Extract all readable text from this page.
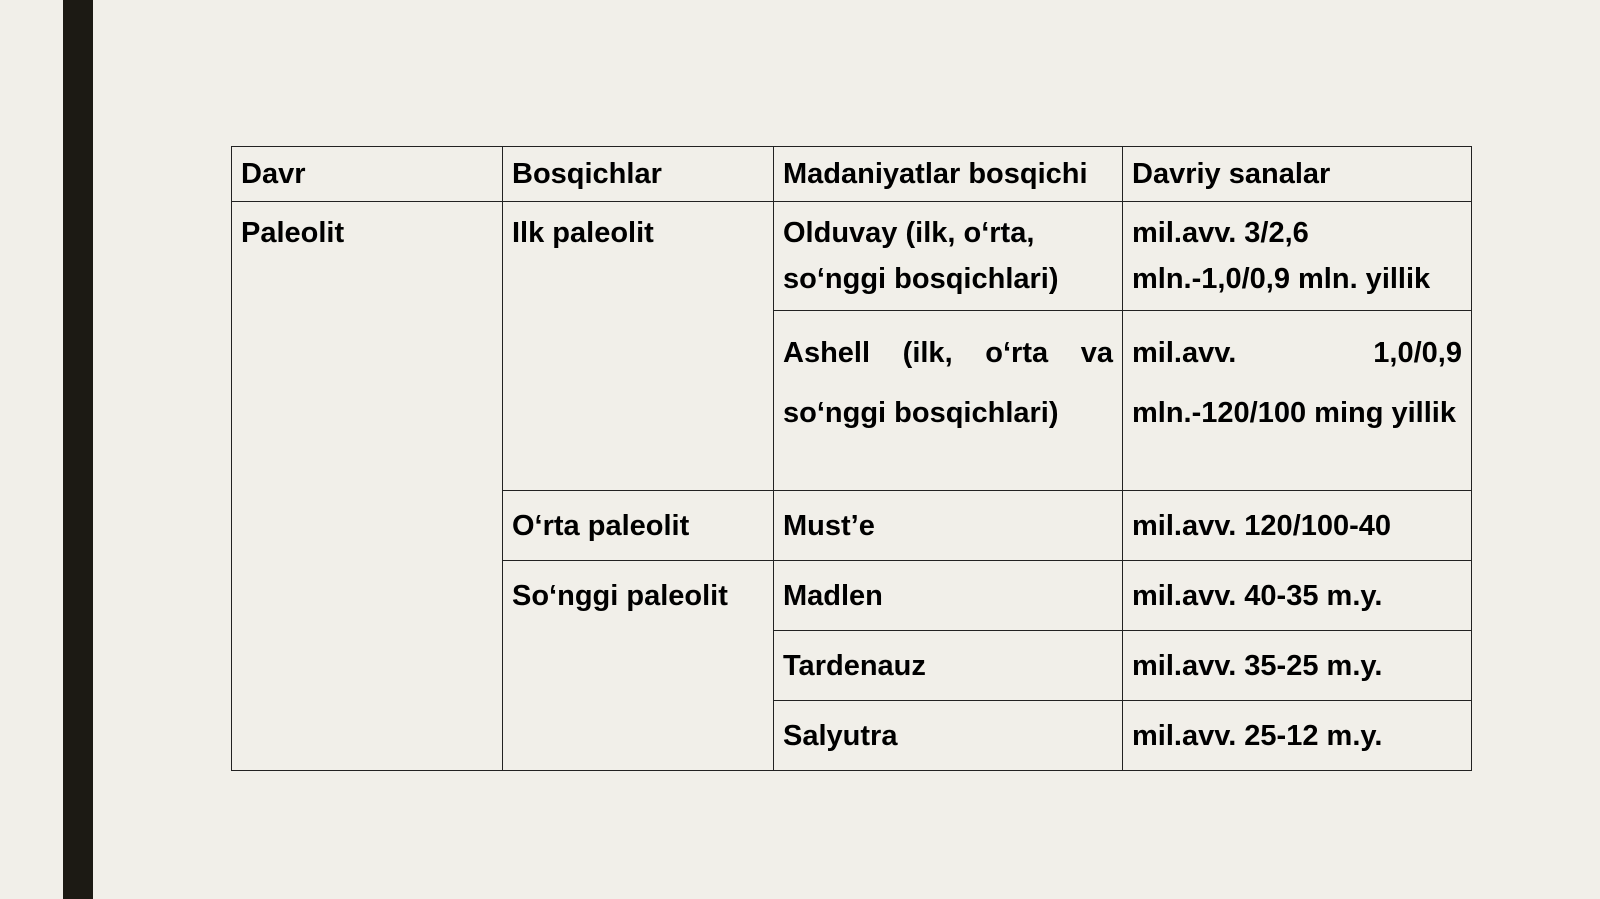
Davr	Bosqichlar	Madaniyatlar bosqichi	Davriy sanalar
Paleolit	Ilk paleolit	Olduvay (ilk, o‘rta, so‘nggi bosqichlari)	mil.avv. 3/2,6 mln.-1,0/0,9 mln. yillik
		Ashell (ilk, o‘rta va so‘nggi bosqichlari)	mil.avv. 1,0/0,9 mln.-120/100 ming yillik
	O‘rta paleolit	Must’e	mil.avv. 120/100-40
	So‘nggi paleolit	Madlen	mil.avv. 40-35 m.y.
		Tardenauz	mil.avv. 35-25 m.y.
		Salyutra	mil.avv. 25-12 m.y.
